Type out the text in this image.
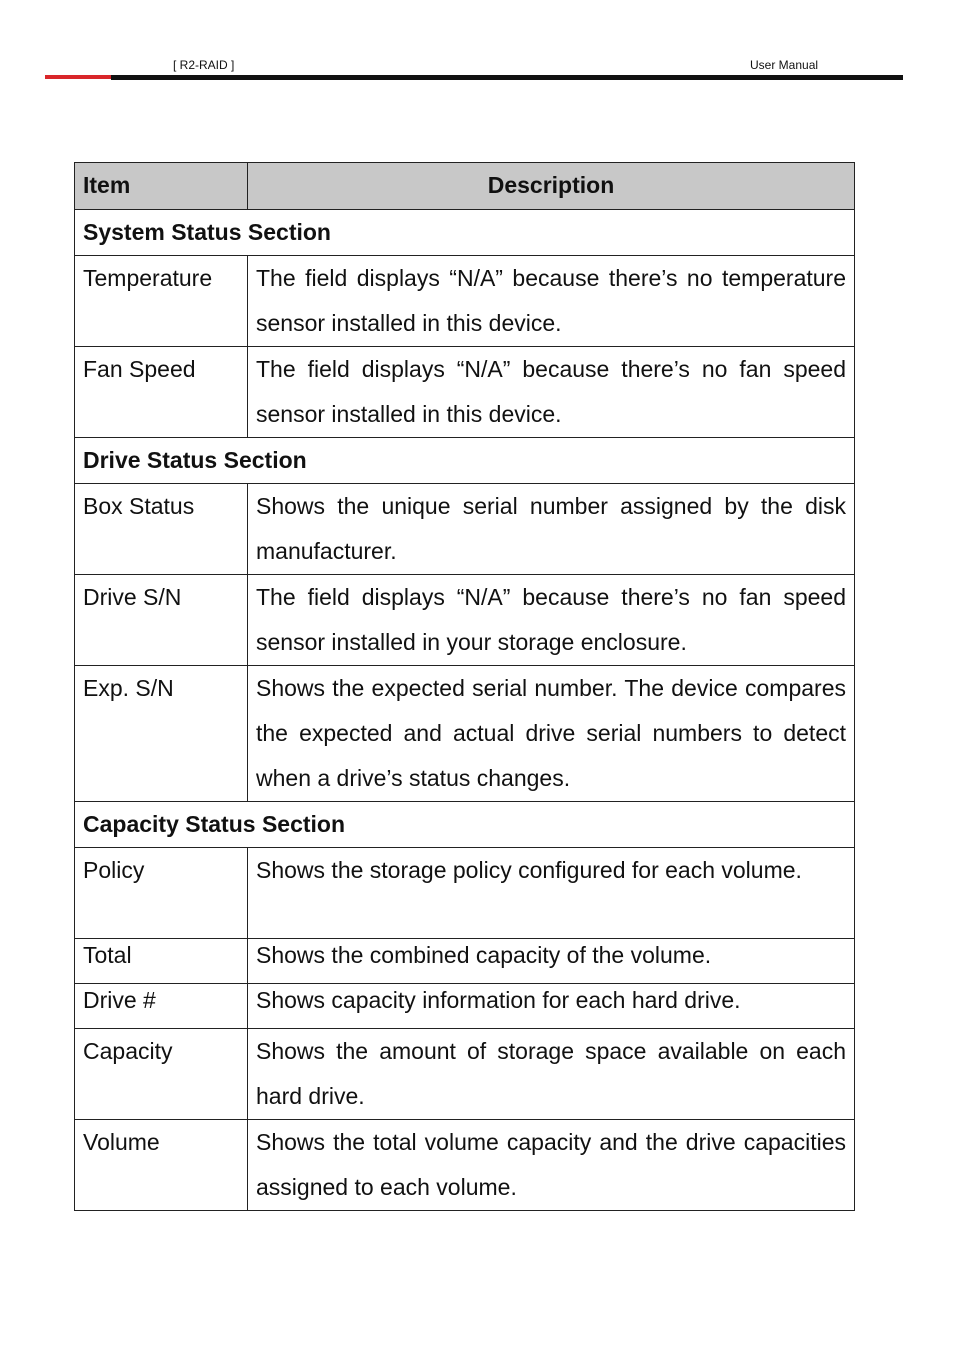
[ R2-RAID ]	User Manual
Item	Description
System Status Section	
Temperature	The field displays “N/A” because there’s no temperature sensor installed in this device.
Fan Speed	The field displays “N/A” because there’s no fan speed sensor installed in this device.
Drive Status Section	
Box Status	Shows the unique serial number assigned by the disk manufacturer.
Drive S/N	The field displays “N/A” because there’s no fan speed sensor installed in your storage enclosure.
Exp. S/N	Shows the expected serial number. The device compares the expected and actual drive serial numbers to detect when a drive’s status changes.
Capacity Status Section	
Policy	Shows the storage policy configured for each volume.
Total	Shows the combined capacity of the volume.
Drive #	Shows capacity information for each hard drive.
Capacity	Shows the amount of storage space available on each hard drive.
Volume	Shows the total volume capacity and the drive capacities assigned to each volume.
